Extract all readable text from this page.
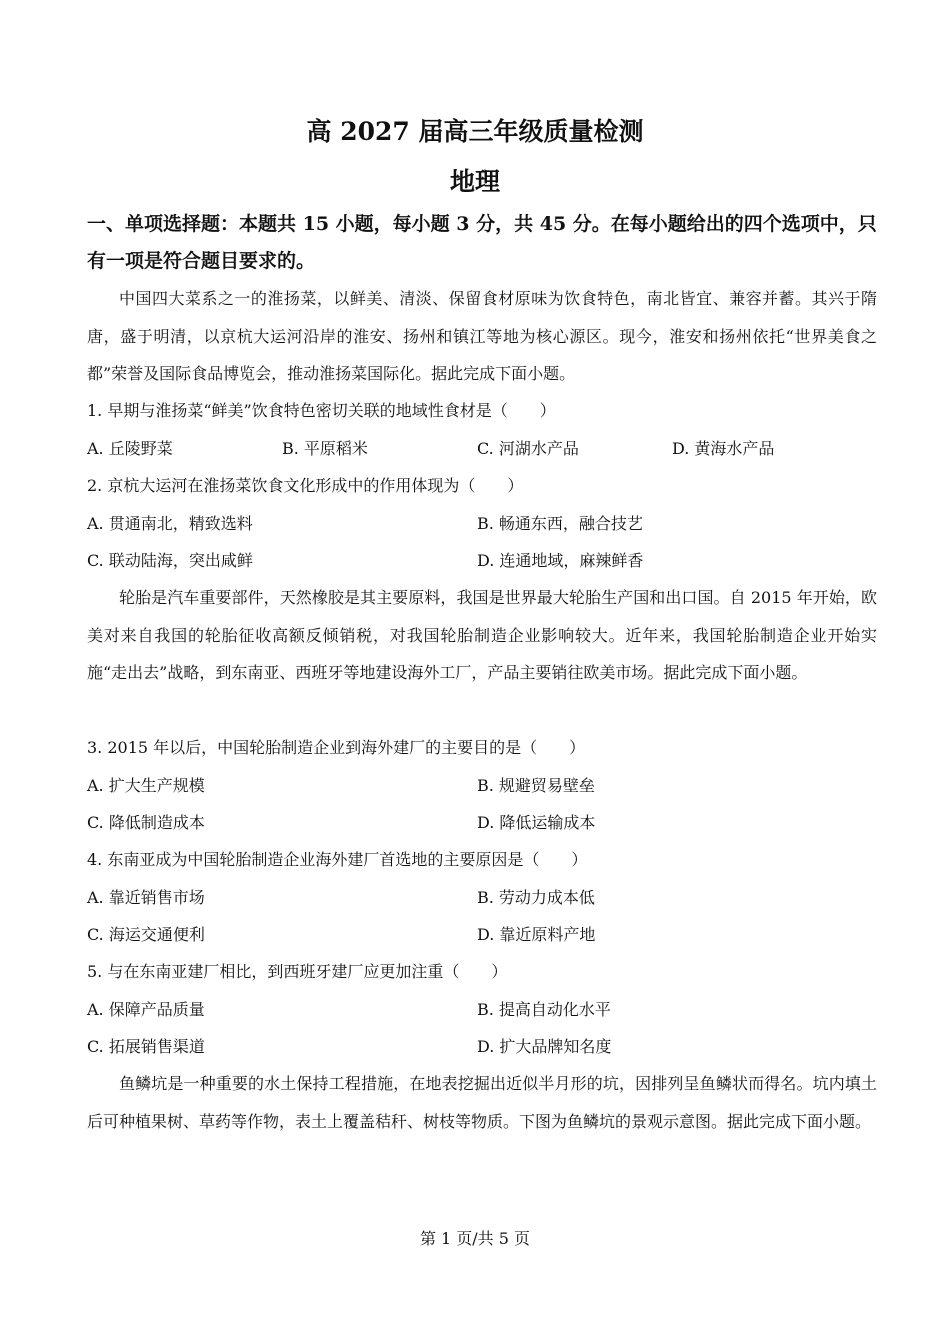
高 2027 届高三年级质量检测
地理
一、单项选择题：本题共 15 小题，每小题 3 分，共 45 分。在每小题给出的四个选项中，只有一项是符合题目要求的。
中国四大菜系之一的淮扬菜，以鲜美、清淡、保留食材原味为饮食特色，南北皆宜、兼容并蓄。其兴于隋唐，盛于明清，以京杭大运河沿岸的淮安、扬州和镇江等地为核心源区。现今，淮安和扬州依托“世界美食之都”荣誉及国际食品博览会，推动淮扬菜国际化。据此完成下面小题。
1. 早期与淮扬菜“鲜美”饮食特色密切关联的地域性食材是（　　）
A. 丘陵野菜	B. 平原稻米	C. 河湖水产品	D. 黄海水产品
2. 京杭大运河在淮扬菜饮食文化形成中的作用体现为（　　）
A. 贯通南北，精致选料	B. 畅通东西，融合技艺
C. 联动陆海，突出咸鲜	D. 连通地域，麻辣鲜香
轮胎是汽车重要部件，天然橡胶是其主要原料，我国是世界最大轮胎生产国和出口国。自 2015 年开始，欧美对来自我国的轮胎征收高额反倾销税，对我国轮胎制造企业影响较大。近年来，我国轮胎制造企业开始实施“走出去”战略，到东南亚、西班牙等地建设海外工厂，产品主要销往欧美市场。据此完成下面小题。
3. 2015 年以后，中国轮胎制造企业到海外建厂的主要目的是（　　）
A. 扩大生产规模	B. 规避贸易壁垒
C. 降低制造成本	D. 降低运输成本
4. 东南亚成为中国轮胎制造企业海外建厂首选地的主要原因是（　　）
A. 靠近销售市场	B. 劳动力成本低
C. 海运交通便利	D. 靠近原料产地
5. 与在东南亚建厂相比，到西班牙建厂应更加注重（　　）
A. 保障产品质量	B. 提高自动化水平
C. 拓展销售渠道	D. 扩大品牌知名度
鱼鳞坑是一种重要的水土保持工程措施，在地表挖掘出近似半月形的坑，因排列呈鱼鳞状而得名。坑内填土后可种植果树、草药等作物，表土上覆盖秸秆、树枝等物质。下图为鱼鳞坑的景观示意图。据此完成下面小题。
第 1 页/共 5 页
